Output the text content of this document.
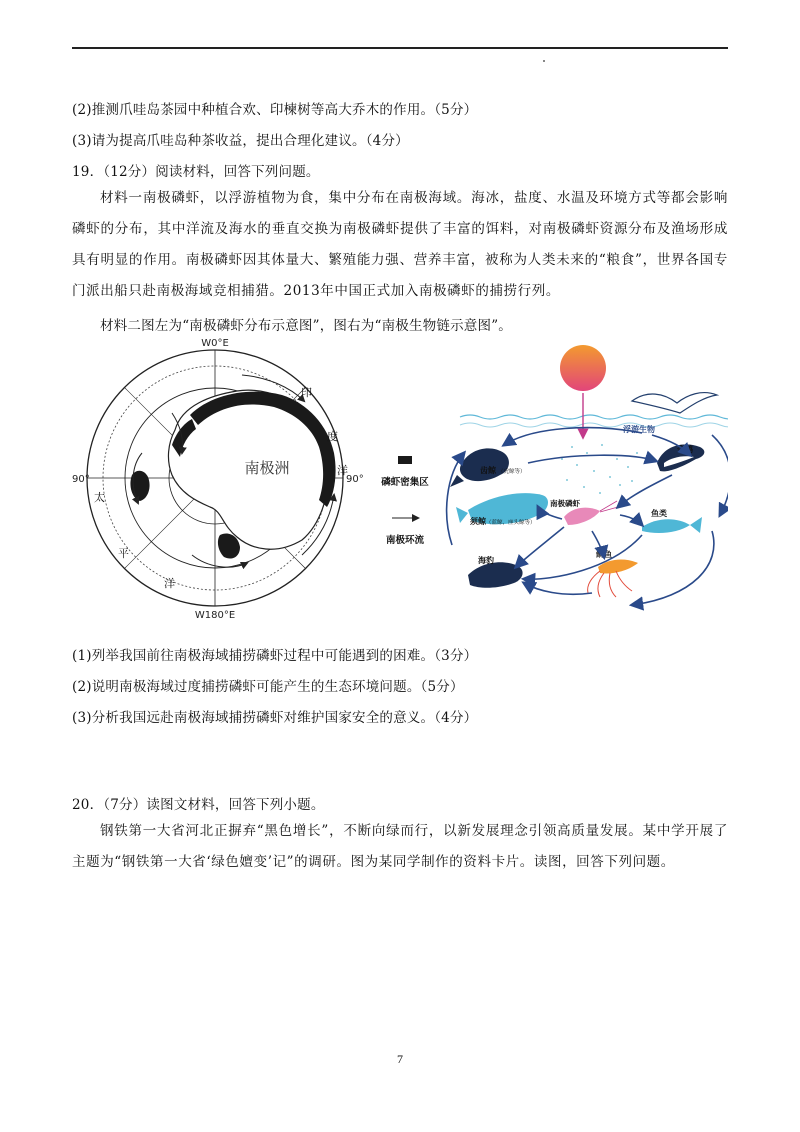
(2)推测爪哇岛茶园中种植合欢、印楝树等高大乔木的作用。（5分）
(3)请为提高爪哇岛种茶收益，提出合理化建议。（4分）
19．（12分）阅读材料，回答下列问题。
材料一南极磷虾，以浮游植物为食，集中分布在南极海域。海冰，盐度、水温及环境方式等都会影响磷虾的分布，其中洋流及海水的垂直交换为南极磷虾提供了丰富的饵料，对南极磷虾资源分布及渔场形成具有明显的作用。南极磷虾因其体量大、繁殖能力强、营养丰富，被称为人类未来的“粮食”，世界各国专门派出船只赴南极海域竞相捕猎。2013年中国正式加入南极磷虾的捕捞行列。
材料二图左为“南极磷虾分布示意图”，图右为“南极生物链示意图”。
W0°E
W180°E
90°	90°
南极洲
太
平
洋
印
度
洋
磷虾密集区
南极环流
浮游生物
齿鲸 （虎鲸等）
须鲸 （蓝鲸，座头鲸等）
南极磷虾
企鹅
鱼类
鱿鱼
海豹
(1)列举我国前往南极海域捕捞磷虾过程中可能遇到的困难。（3分）
(2)说明南极海域过度捕捞磷虾可能产生的生态环境问题。（5分）
(3)分析我国远赴南极海域捕捞磷虾对维护国家安全的意义。（4分）
20．（7分）读图文材料，回答下列小题。
钢铁第一大省河北正摒弃“黑色增长”，不断向绿而行，以新发展理念引领高质量发展。某中学开展了主题为“钢铁第一大省‘绿色嬗变’记”的调研。图为某同学制作的资料卡片。读图，回答下列问题。
7
